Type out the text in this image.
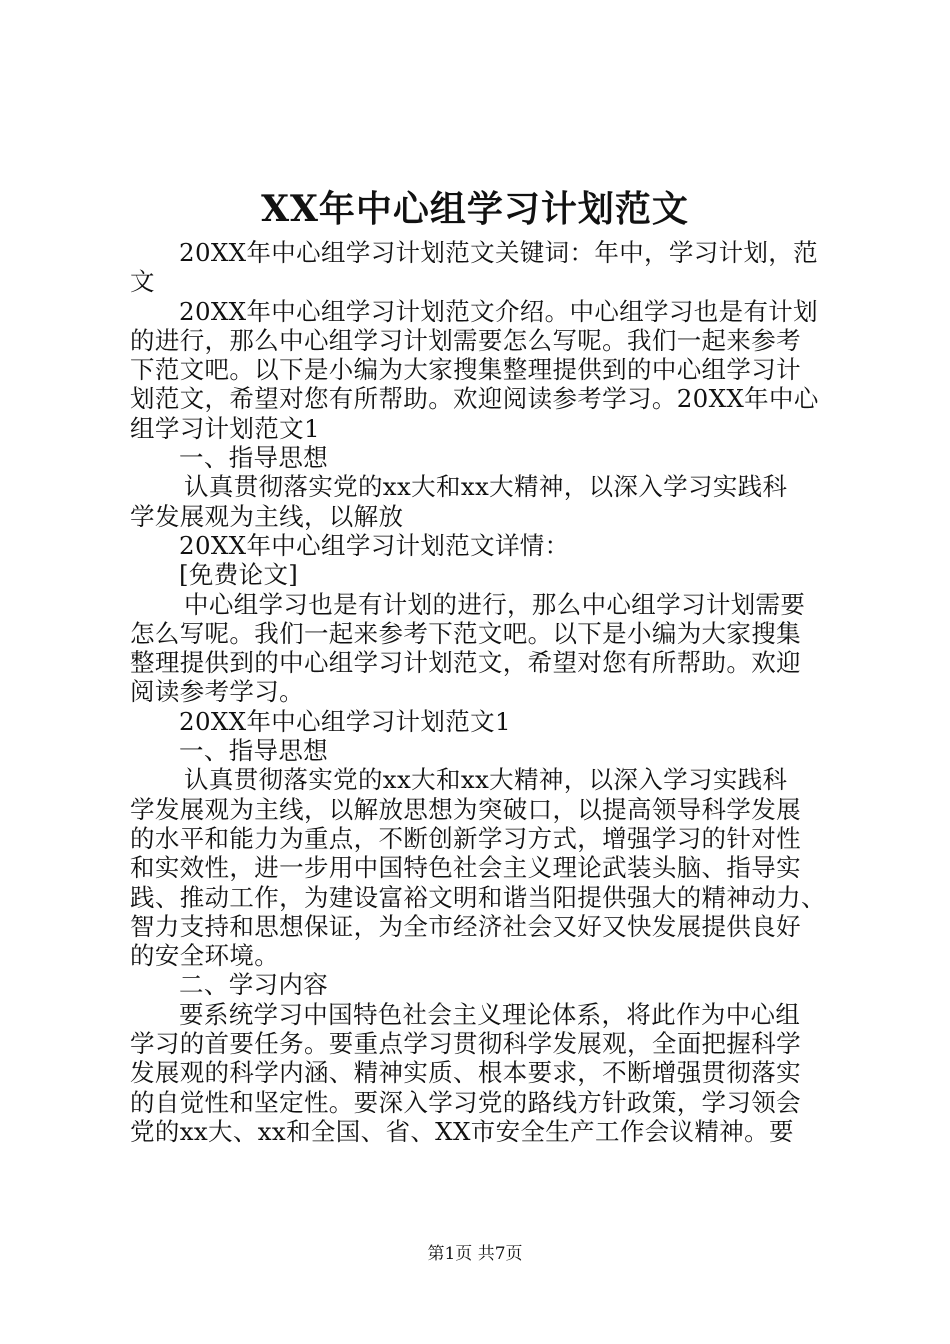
XX年中心组学习计划范文
20XX年中心组学习计划范文关键词：年中，学习计划，范
文
20XX年中心组学习计划范文介绍。中心组学习也是有计划
的进行，那么中心组学习计划需要怎么写呢。我们一起来参考
下范文吧。以下是小编为大家搜集整理提供到的中心组学习计
划范文，希望对您有所帮助。欢迎阅读参考学习。20XX年中心
组学习计划范文1
一、指导思想
认真贯彻落实党的xx大和xx大精神，以深入学习实践科
学发展观为主线，以解放
20XX年中心组学习计划范文详情：
[免费论文]
中心组学习也是有计划的进行，那么中心组学习计划需要
怎么写呢。我们一起来参考下范文吧。以下是小编为大家搜集
整理提供到的中心组学习计划范文，希望对您有所帮助。欢迎
阅读参考学习。
20XX年中心组学习计划范文1
一、指导思想
认真贯彻落实党的xx大和xx大精神，以深入学习实践科
学发展观为主线，以解放思想为突破口，以提高领导科学发展
的水平和能力为重点，不断创新学习方式，增强学习的针对性
和实效性，进一步用中国特色社会主义理论武装头脑、指导实
践、推动工作，为建设富裕文明和谐当阳提供强大的精神动力、
智力支持和思想保证，为全市经济社会又好又快发展提供良好
的安全环境。
二、学习内容
要系统学习中国特色社会主义理论体系，将此作为中心组
学习的首要任务。要重点学习贯彻科学发展观，全面把握科学
发展观的科学内涵、精神实质、根本要求，不断增强贯彻落实
的自觉性和坚定性。要深入学习党的路线方针政策，学习领会
党的xx大、xx和全国、省、XX市安全生产工作会议精神。要
第1页 共7页
